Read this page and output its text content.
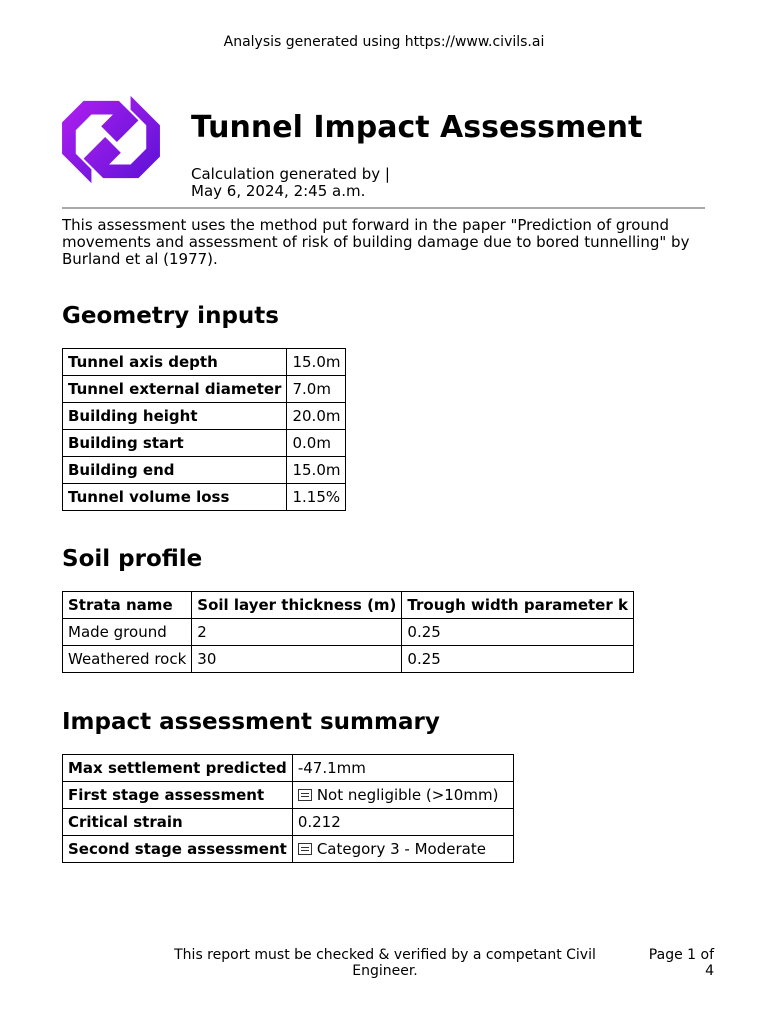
Analysis generated using https://www.civils.ai
Tunnel Impact Assessment
Calculation generated by |
May 6, 2024, 2:45 a.m.
This assessment uses the method put forward in the paper "Prediction of ground movements and assessment of risk of building damage due to bored tunnelling" by Burland et al (1977).
Geometry inputs
Tunnel axis depth	15.0m
Tunnel external diameter	7.0m
Building height	20.0m
Building start	0.0m
Building end	15.0m
Tunnel volume loss	1.15%
Soil profile
Strata name	Soil layer thickness (m)	Trough width parameter k
Made ground	2	0.25
Weathered rock	30	0.25
Impact assessment summary
Max settlement predicted	-47.1mm
First stage assessment	Not negligible (>10mm)
Critical strain	0.212
Second stage assessment	Category 3 - Moderate
This report must be checked & verified by a competant Civil Engineer.
Page 1 of 4
